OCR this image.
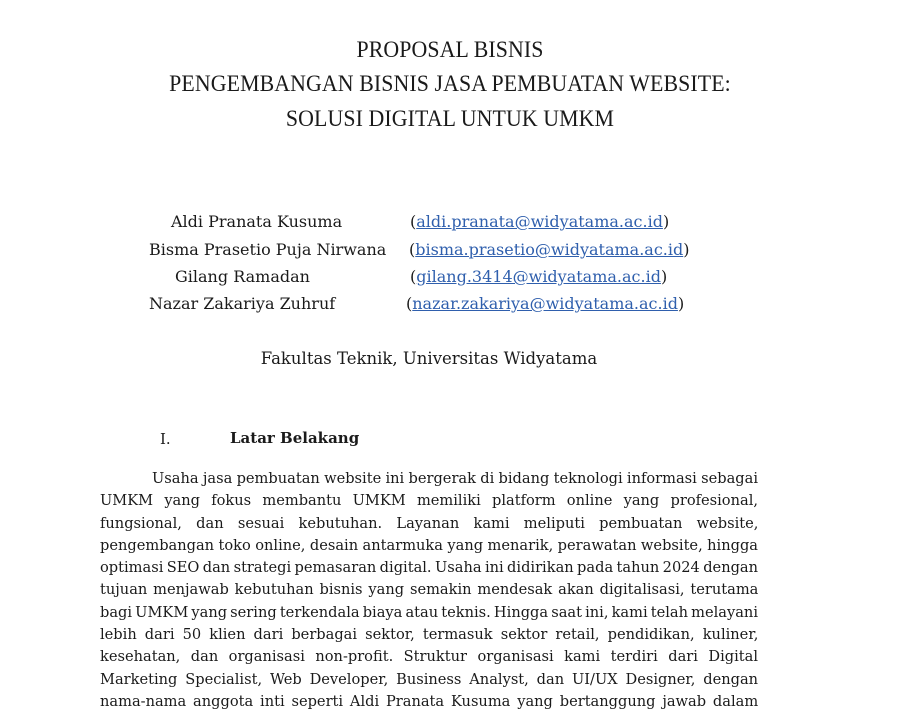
PROPOSAL BISNIS
PENGEMBANGAN BISNIS JASA PEMBUATAN WEBSITE:
SOLUSI DIGITAL UNTUK UMKM
Aldi Pranata Kusuma	(aldi.pranata@widyatama.ac.id)
Bisma Prasetio Puja Nirwana (bisma.prasetio@widyatama.ac.id)
Gilang Ramadan	(gilang.3414@widyatama.ac.id)
Nazar Zakariya Zuhruf	(nazar.zakariya@widyatama.ac.id)
Fakultas Teknik, Universitas Widyatama
I.	Latar Belakang
Usaha jasa pembuatan website ini bergerak di bidang teknologi informasi sebagai
UMKM yang fokus membantu UMKM memiliki platform online yang profesional,
fungsional, dan sesuai kebutuhan. Layanan kami meliputi pembuatan website,
pengembangan toko online, desain antarmuka yang menarik, perawatan website, hingga
optimasi SEO dan strategi pemasaran digital. Usaha ini didirikan pada tahun 2024 dengan
tujuan menjawab kebutuhan bisnis yang semakin mendesak akan digitalisasi, terutama
bagi UMKM yang sering terkendala biaya atau teknis. Hingga saat ini, kami telah melayani
lebih dari 50 klien dari berbagai sektor, termasuk sektor retail, pendidikan, kuliner,
kesehatan, dan organisasi non-profit. Struktur organisasi kami terdiri dari Digital
Marketing Specialist, Web Developer, Business Analyst, dan UI/UX Designer, dengan
nama-nama anggota inti seperti Aldi Pranata Kusuma yang bertanggung jawab dalam
